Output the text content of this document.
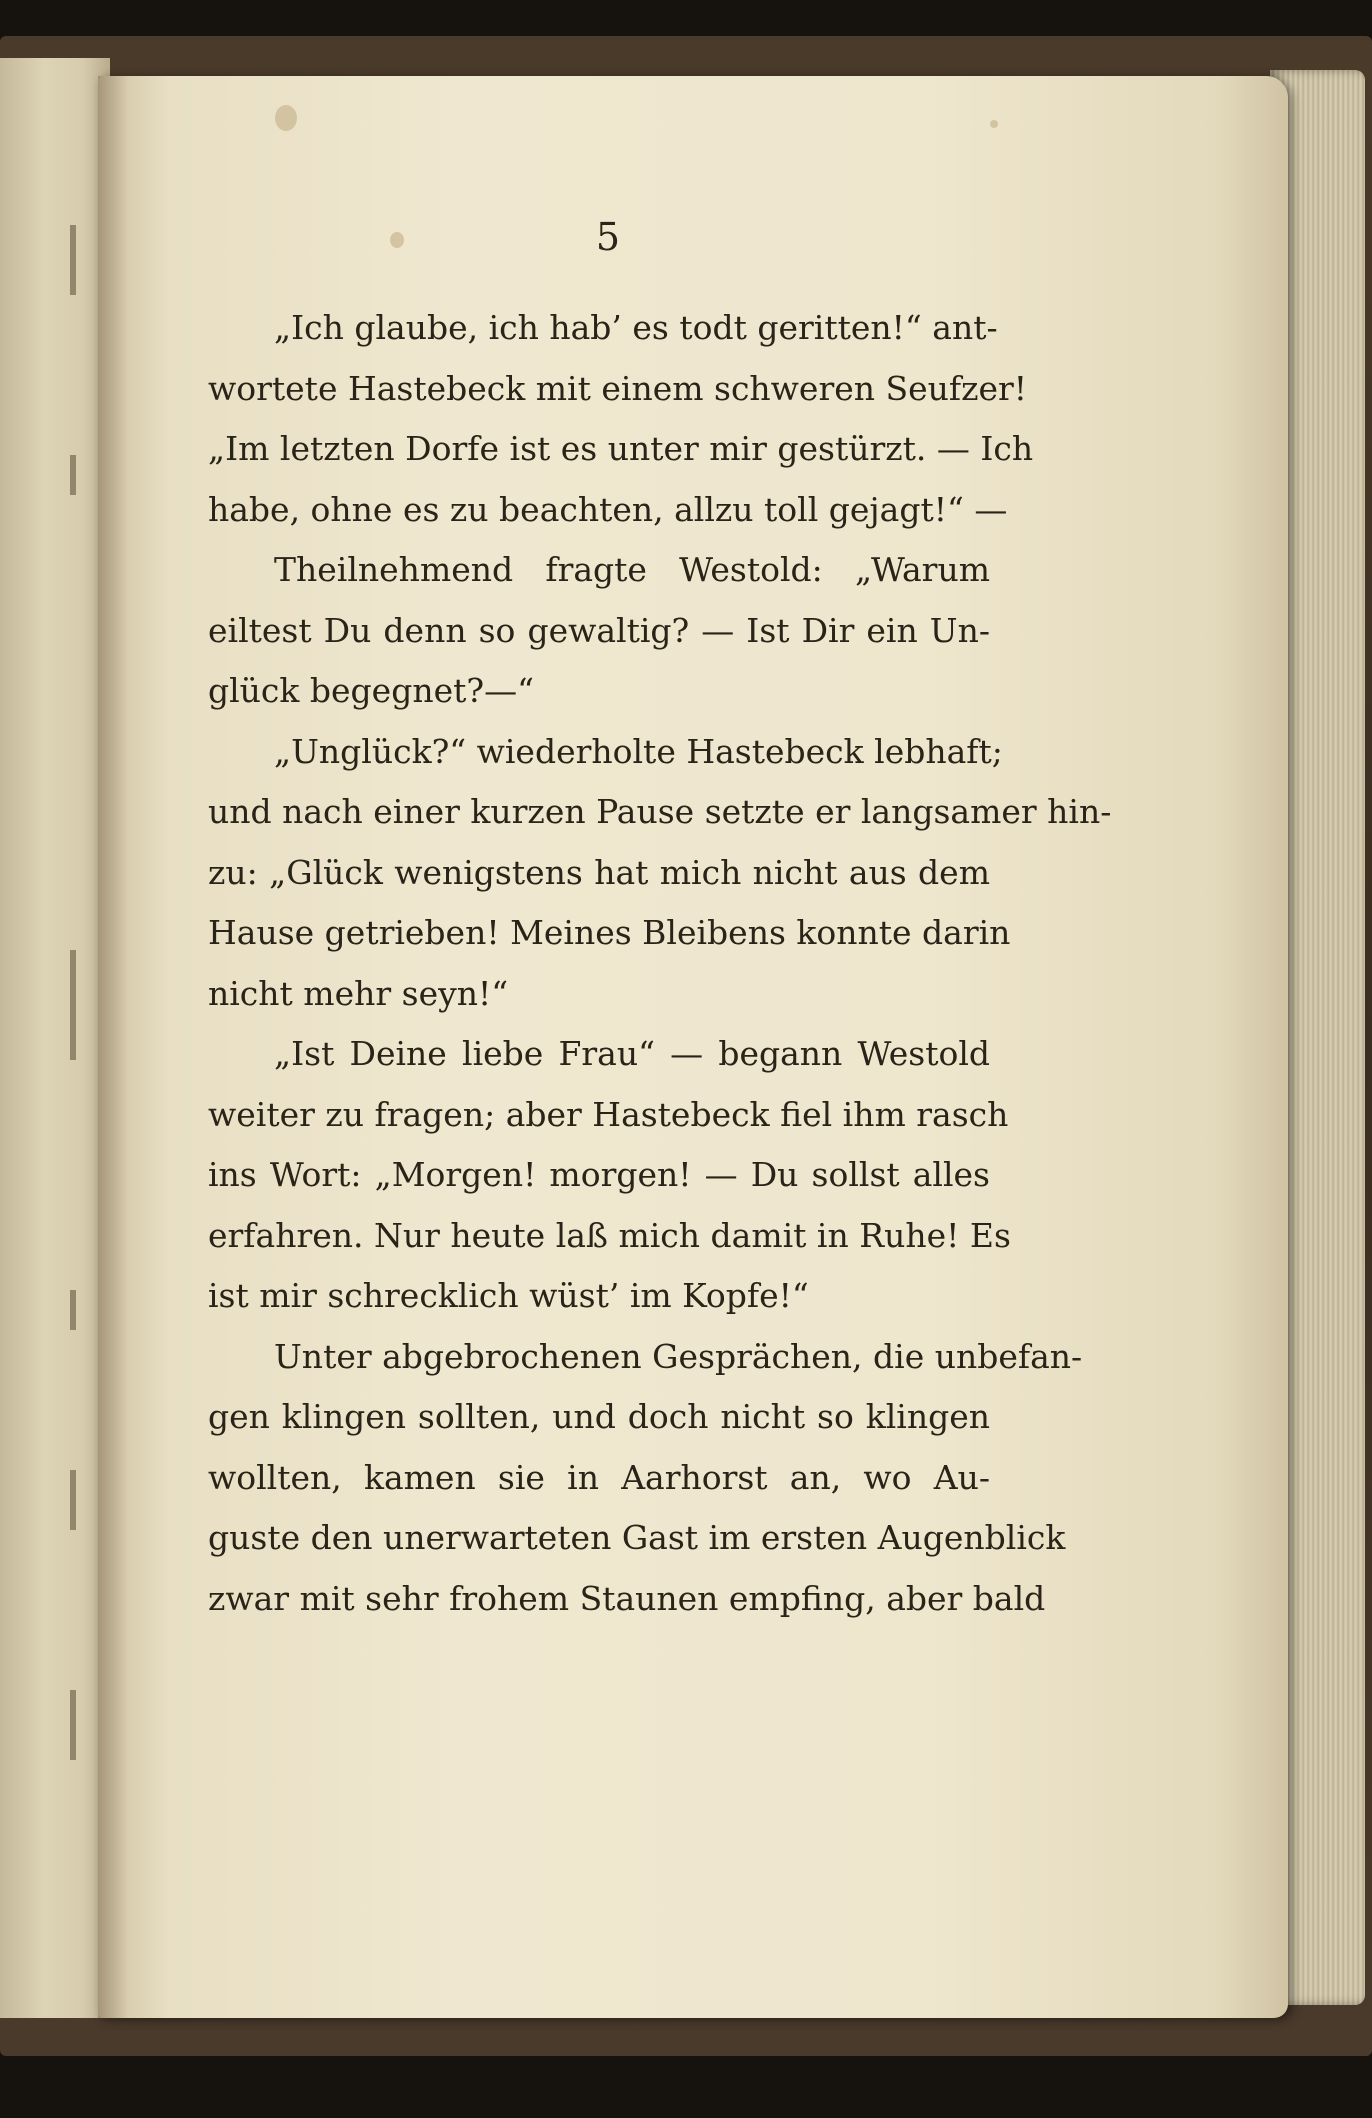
5
„Ich glaube, ich hab’ es todt geritten!“ ant-
wortete Hastebeck mit einem schweren Seufzer!
„Im letzten Dorfe ist es unter mir gestürzt. — Ich
habe, ohne es zu beachten, allzu toll gejagt!“ —
Theilnehmend fragte Westold: „Warum
eiltest Du denn so gewaltig? — Ist Dir ein Un-
glück begegnet?—“
„Unglück?“ wiederholte Hastebeck lebhaft;
und nach einer kurzen Pause setzte er langsamer hin-
zu: „Glück wenigstens hat mich nicht aus dem
Hause getrieben! Meines Bleibens konnte darin
nicht mehr seyn!“
„Ist Deine liebe Frau“ — begann Westold
weiter zu fragen; aber Hastebeck fiel ihm rasch
ins Wort: „Morgen! morgen! — Du sollst alles
erfahren. Nur heute laß mich damit in Ruhe! Es
ist mir schrecklich wüst’ im Kopfe!“
Unter abgebrochenen Gesprächen, die unbefan-
gen klingen sollten, und doch nicht so klingen
wollten, kamen sie in Aarhorst an, wo Au-
guste den unerwarteten Gast im ersten Augenblick
zwar mit sehr frohem Staunen empfing, aber bald
